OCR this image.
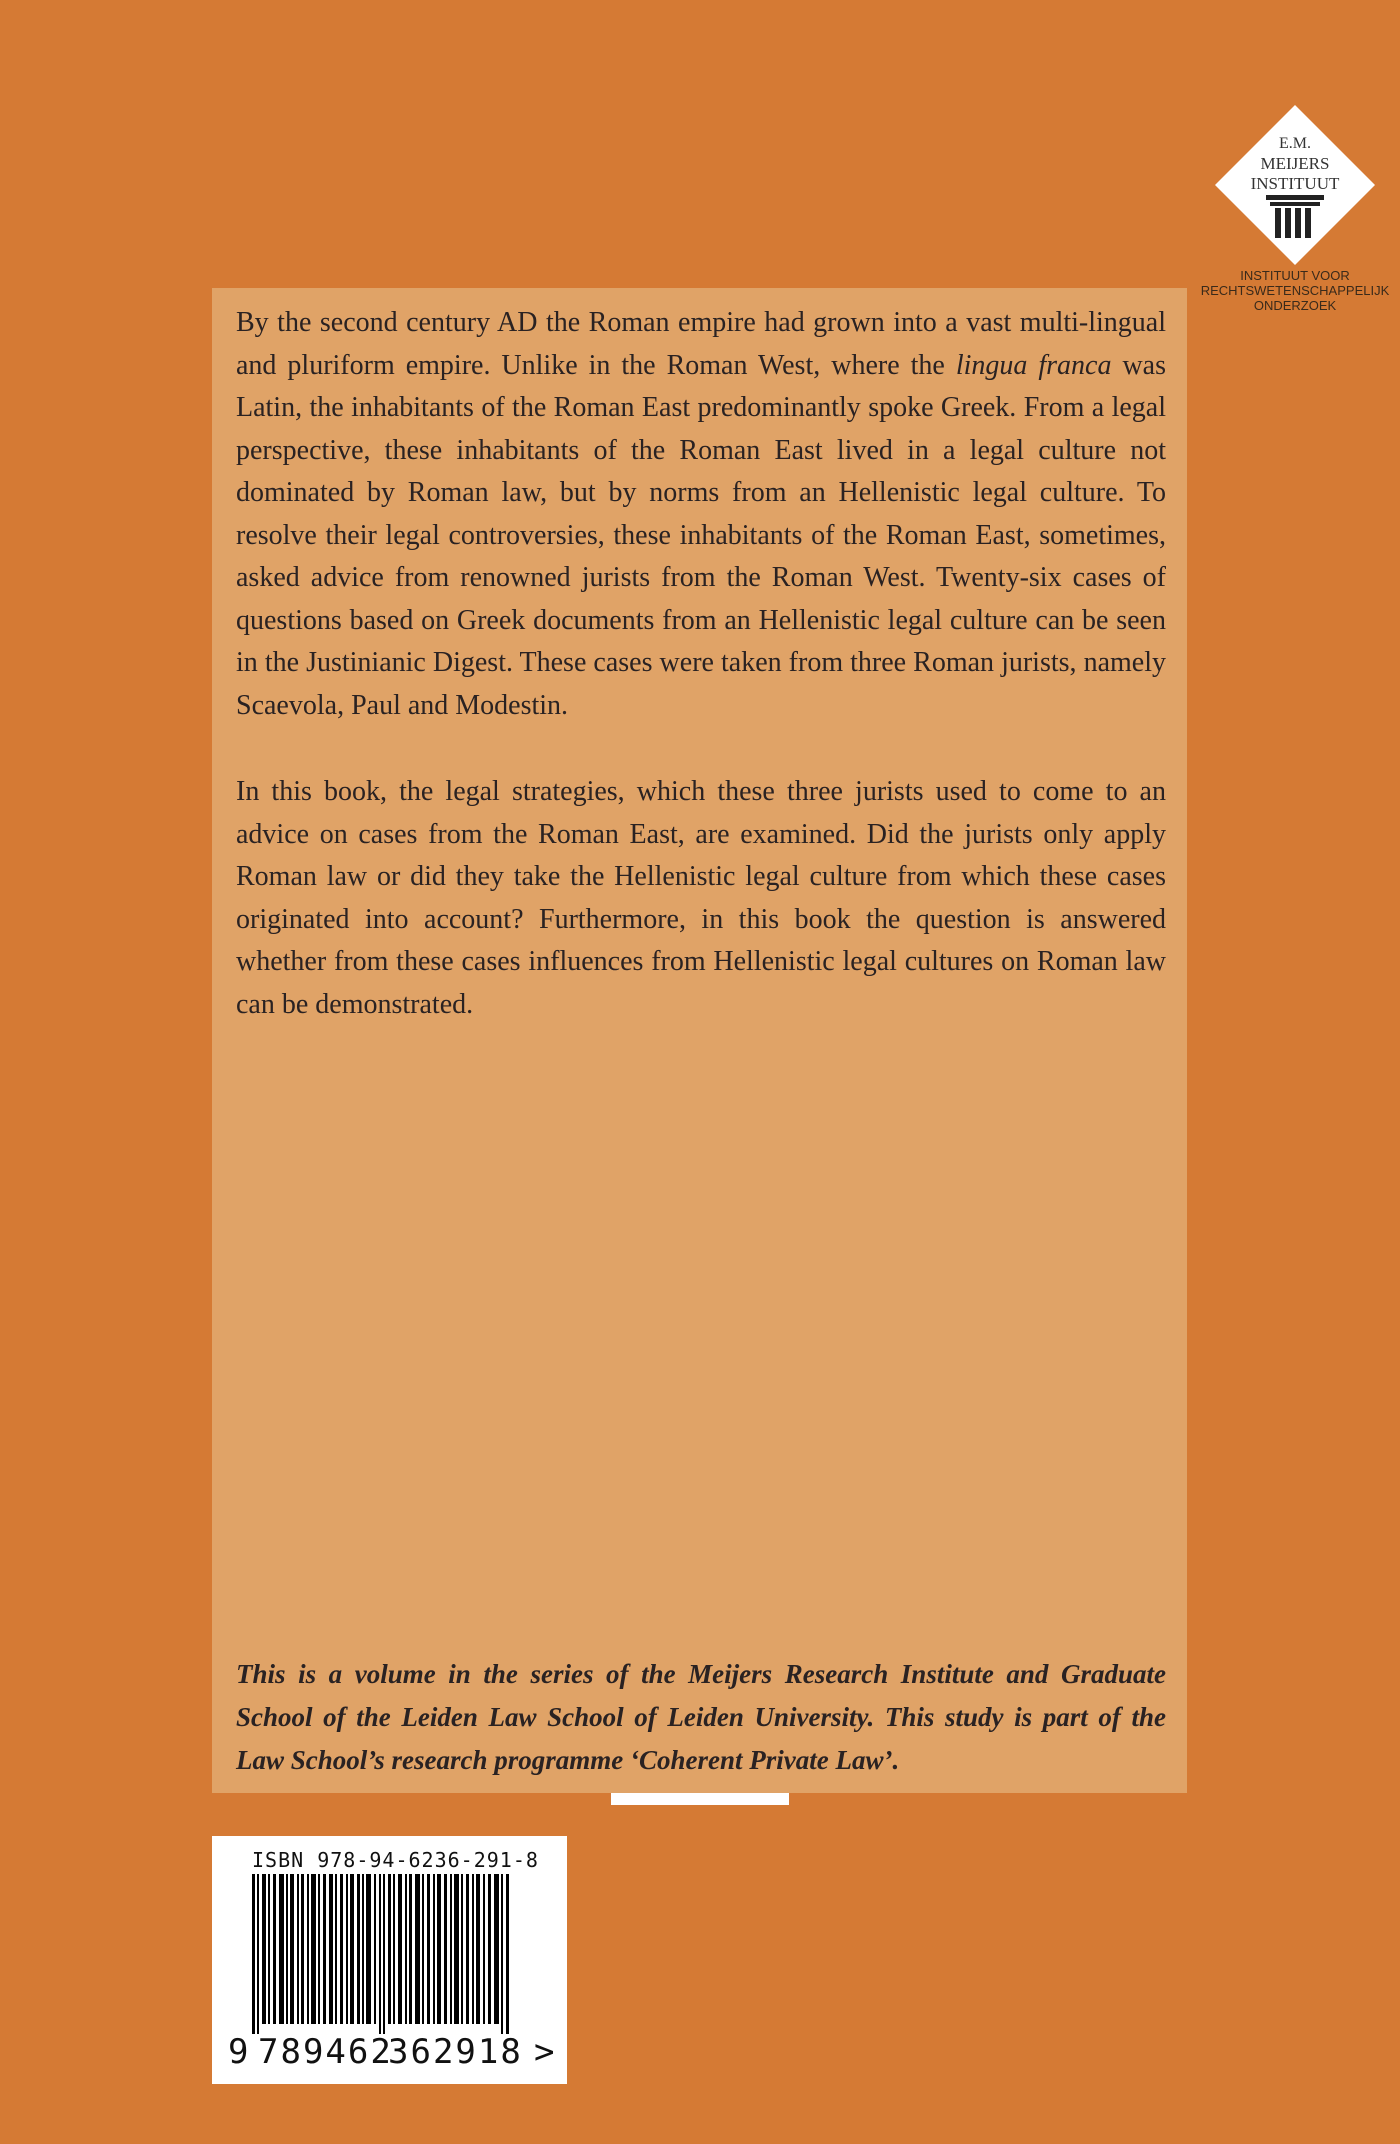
E.M.
MEIJERS
INSTITUUT
INSTITUUT VOOR
RECHTSWETENSCHAPPELIJK
ONDERZOEK

By the second century AD the Roman empire had grown into a vast multi-lingual and pluriform empire. Unlike in the Roman West, where the lingua franca was Latin, the inhabitants of the Roman East predominantly spoke Greek. From a legal perspective, these inhabitants of the Roman East lived in a legal culture not dominated by Roman law, but by norms from an Hellenistic legal culture. To resolve their legal controversies, these inhabitants of the Roman East, sometimes, asked advice from renowned jurists from the Roman West. Twenty-six cases of questions based on Greek documents from an Hellenistic legal culture can be seen in the Justinianic Digest. These cases were taken from three Roman jurists, namely Scaevola, Paul and Modestin.

In this book, the legal strategies, which these three jurists used to come to an advice on cases from the Roman East, are examined. Did the jurists only apply Roman law or did they take the Hellenistic legal culture from which these cases originated into account? Furthermore, in this book the question is answered whether from these cases influences from Hellenistic legal cultures on Roman law can be demonstrated.

This is a volume in the series of the Meijers Research Institute and Graduate School of the Leiden Law School of Leiden University. This study is part of the Law School’s research programme ‘Coherent Private Law’.

ISBN 978-94-6236-291-8
9 789462
362918 >
